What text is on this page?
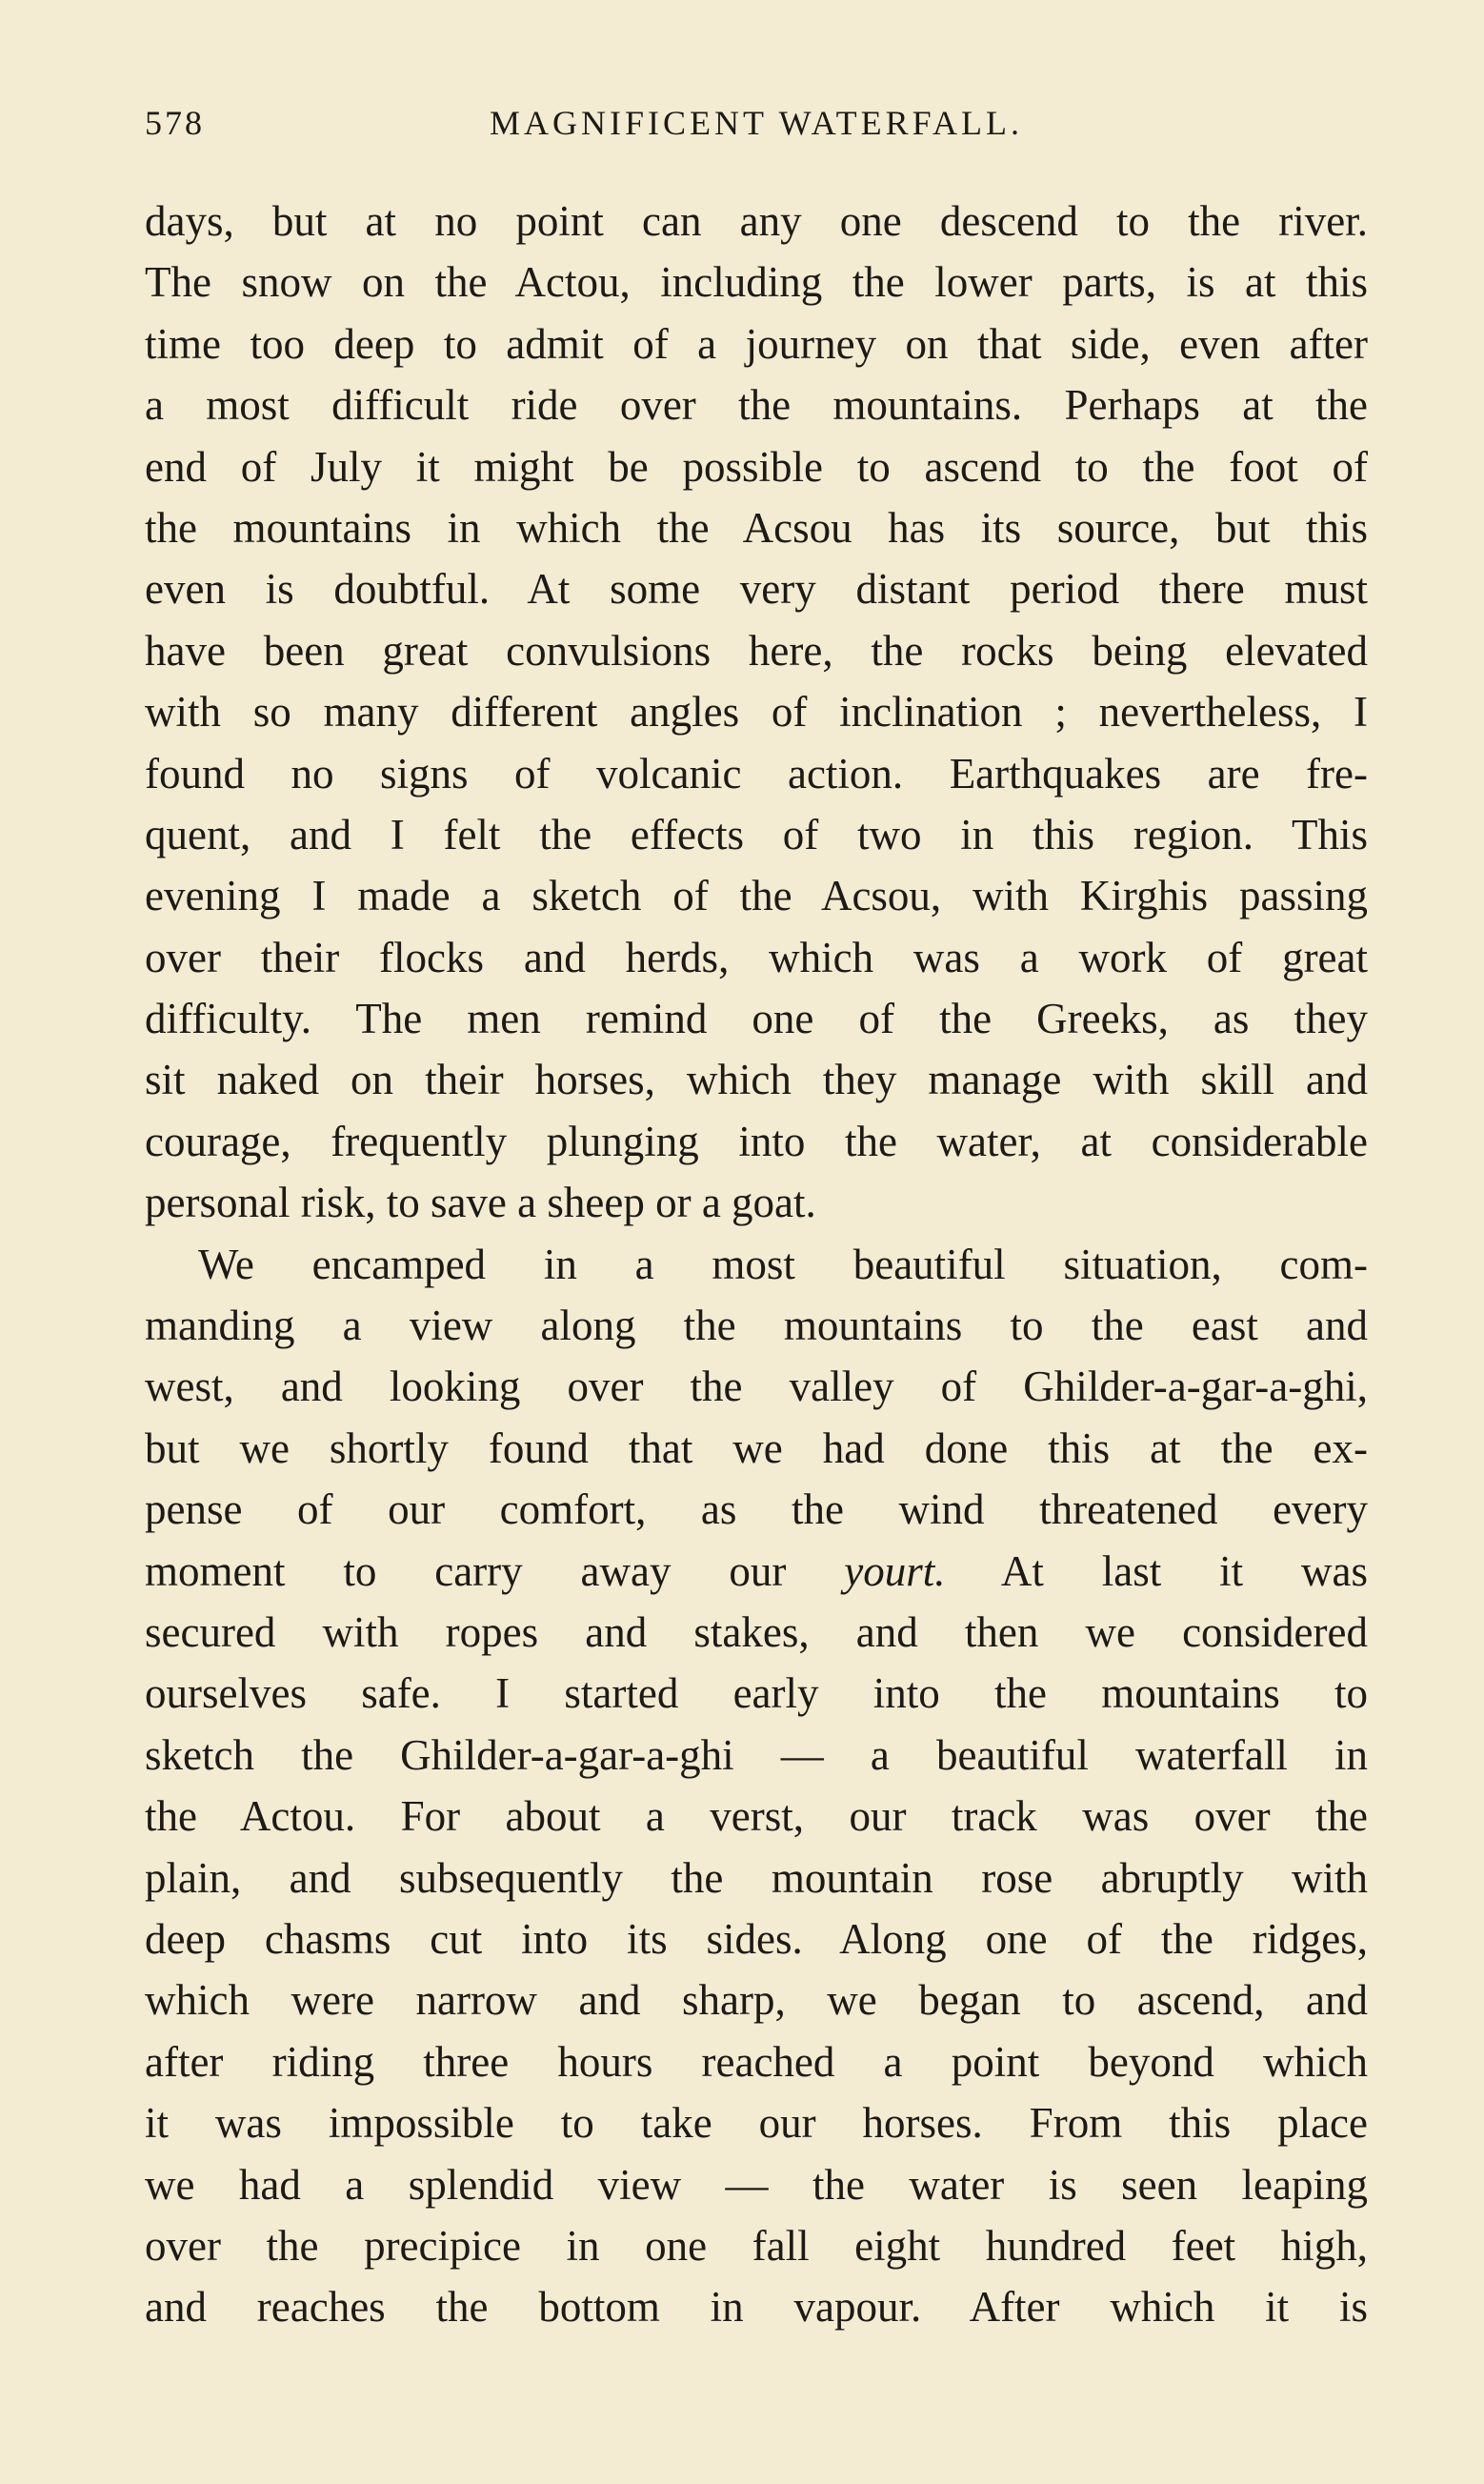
578	MAGNIFICENT WATERFALL.
days, but at no point can any one descend to the river.
The snow on the Actou, including the lower parts, is at this
time too deep to admit of a journey on that side, even after
a most difficult ride over the mountains. Perhaps at the
end of July it might be possible to ascend to the foot of
the mountains in which the Acsou has its source, but this
even is doubtful. At some very distant period there must
have been great convulsions here, the rocks being elevated
with so many different angles of inclination ; nevertheless, I
found no signs of volcanic action. Earthquakes are fre-
quent, and I felt the effects of two in this region. This
evening I made a sketch of the Acsou, with Kirghis passing
over their flocks and herds, which was a work of great
difficulty. The men remind one of the Greeks, as they
sit naked on their horses, which they manage with skill and
courage, frequently plunging into the water, at considerable
personal risk, to save a sheep or a goat.
We encamped in a most beautiful situation, com-
manding a view along the mountains to the east and
west, and looking over the valley of Ghilder-a-gar-a-ghi,
but we shortly found that we had done this at the ex-
pense of our comfort, as the wind threatened every
moment to carry away our yourt. At last it was
secured with ropes and stakes, and then we considered
ourselves safe. I started early into the mountains to
sketch the Ghilder-a-gar-a-ghi — a beautiful waterfall in
the Actou. For about a verst, our track was over the
plain, and subsequently the mountain rose abruptly with
deep chasms cut into its sides. Along one of the ridges,
which were narrow and sharp, we began to ascend, and
after riding three hours reached a point beyond which
it was impossible to take our horses. From this place
we had a splendid view — the water is seen leaping
over the precipice in one fall eight hundred feet high,
and reaches the bottom in vapour. After which it is
